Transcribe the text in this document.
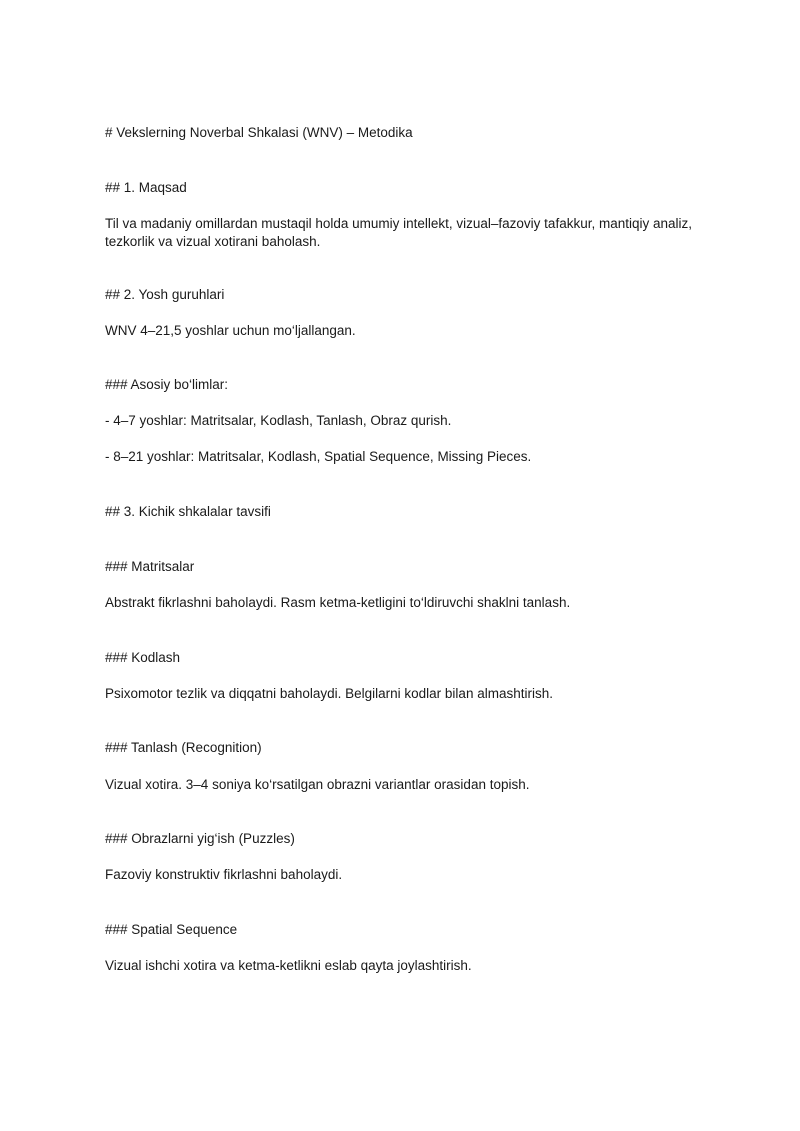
# Vekslerning Noverbal Shkalasi (WNV) – Metodika
## 1. Maqsad
Til va madaniy omillardan mustaqil holda umumiy intellekt, vizual–fazoviy tafakkur, mantiqiy analiz, tezkorlik va vizual xotirani baholash.
## 2. Yosh guruhlari
WNV 4–21,5 yoshlar uchun mo‘ljallangan.
### Asosiy bo‘limlar:
- 4–7 yoshlar: Matritsalar, Kodlash, Tanlash, Obraz qurish.
- 8–21 yoshlar: Matritsalar, Kodlash, Spatial Sequence, Missing Pieces.
## 3. Kichik shkalalar tavsifi
### Matritsalar
Abstrakt fikrlashni baholaydi. Rasm ketma-ketligini to‘ldiruvchi shaklni tanlash.
### Kodlash
Psixomotor tezlik va diqqatni baholaydi. Belgilarni kodlar bilan almashtirish.
### Tanlash (Recognition)
Vizual xotira. 3–4 soniya ko‘rsatilgan obrazni variantlar orasidan topish.
### Obrazlarni yig‘ish (Puzzles)
Fazoviy konstruktiv fikrlashni baholaydi.
### Spatial Sequence
Vizual ishchi xotira va ketma-ketlikni eslab qayta joylashtirish.
